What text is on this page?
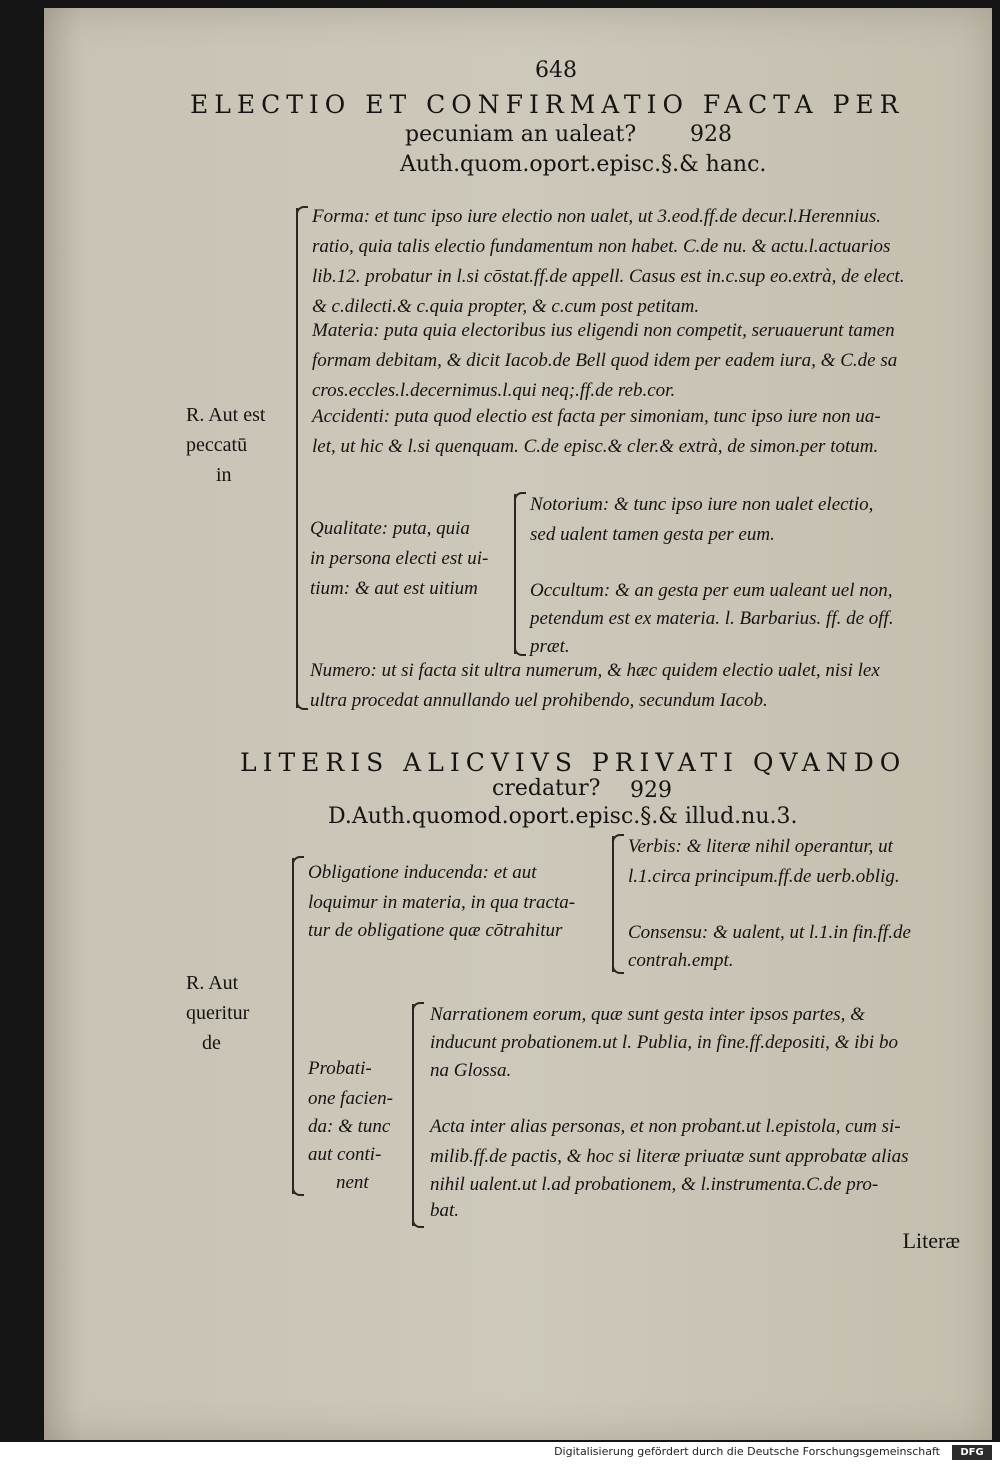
648
ELECTIO ET CONFIRMATIO FACTA PER
pecuniam an ualeat? 928
Auth.quom.oport.episc.§.& hanc.
R. Aut est
peccatū
in
Forma: et tunc ipso iure electio non ualet, ut 3.eod.ff.de decur.l.Herennius.
ratio, quia talis electio fundamentum non habet. C.de nu. & actu.l.actuarios
lib.12. probatur in l.si cōstat.ff.de appell. Casus est in.c.sup eo.extrà, de elect.
& c.dilecti.& c.quia propter, & c.cum post petitam.
Materia: puta quia electoribus ius eligendi non competit, seruauerunt tamen
formam debitam, & dicit Iacob.de Bell quod idem per eadem iura, & C.de sa
cros.eccles.l.decernimus.l.qui neq;.ff.de reb.cor.
Accidenti: puta quod electio est facta per simoniam, tunc ipso iure non ua-
let, ut hic & l.si quenquam. C.de episc.& cler.& extrà, de simon.per totum.
Qualitate: puta, quia
in persona electi est ui-
tium: & aut est uitium
Notorium: & tunc ipso iure non ualet electio,
sed ualent tamen gesta per eum.
Occultum: & an gesta per eum ualeant uel non,
petendum est ex materia. l. Barbarius. ff. de off.
præt.
Numero: ut si facta sit ultra numerum, & hæc quidem electio ualet, nisi lex
ultra procedat annullando uel prohibendo, secundum Iacob.
LITERIS ALICVIVS PRIVATI QVANDO
credatur? 929
D.Auth.quomod.oport.episc.§.& illud.nu.3.
R. Aut
queritur
de
Obligatione inducenda: et aut
loquimur in materia, in qua tracta-
tur de obligatione quæ cōtrahitur
Verbis: & literæ nihil operantur, ut
l.1.circa principum.ff.de uerb.oblig.
Consensu: & ualent, ut l.1.in fin.ff.de
contrah.empt.
Probati-
one facien-
da: & tunc
aut conti-
nent
Narrationem eorum, quæ sunt gesta inter ipsos partes, &
inducunt probationem.ut l. Publia, in fine.ff.depositi, & ibi bo
na Glossa.
Acta inter alias personas, et non probant.ut l.epistola, cum si-
milib.ff.de pactis, & hoc si literæ priuatæ sunt approbatæ alias
nihil ualent.ut l.ad probationem, & l.instrumenta.C.de pro-
bat.
Literæ
Digitalisierung gefördert durch die Deutsche Forschungsgemeinschaft	DFG
